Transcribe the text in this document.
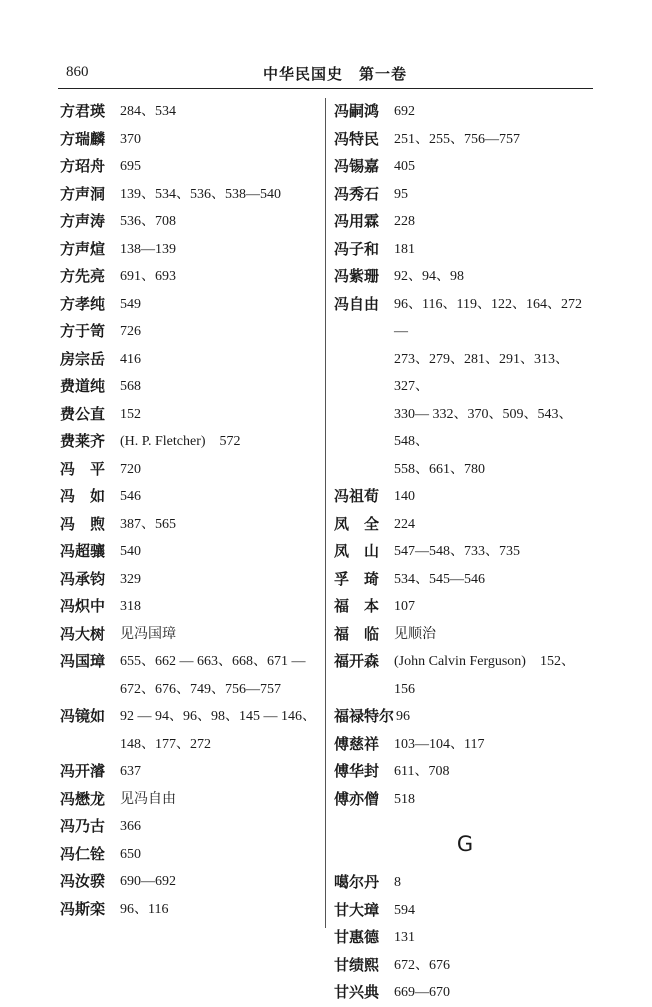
860	中华民国史　第一卷
方君瑛	284、534
方瑞麟	370
方玿舟	695
方声洞	139、534、536、538—540
方声涛	536、708
方声煊	138—139
方先亮	691、693
方孝纯	549
方于笥	726
房宗岳	416
费道纯	568
费公直	152
费莱齐	(H. P. Fletcher)　572
冯　平	720
冯　如	546
冯　煦	387、565
冯超骧	540
冯承钧	329
冯炽中	318
冯大树	见冯国璋
冯国璋	655、662 — 663、668、671 —
672、676、749、756—757
冯镜如	92 — 94、96、98、145 — 146、
148、177、272
冯开濬	637
冯懋龙	见冯自由
冯乃古	366
冯仁铨	650
冯汝骙	690—692
冯斯栾	96、116
冯嗣鸿	692
冯特民	251、255、756—757
冯锡嘉	405
冯秀石	95
冯用霖	228
冯子和	181
冯紫珊	92、94、98
冯自由	96、116、119、122、164、272 —
273、279、281、291、313、327、
330— 332、370、509、543、548、
558、661、780
冯祖荀	140
凤　全	224
凤　山	547—548、733、735
孚　琦	534、545—546
福　本	107
福　临	见顺治
福开森	(John Calvin Ferguson)　152、
156
福禄特尔 96
傅慈祥	103—104、117
傅华封	611、708
傅亦僧	518
G
噶尔丹	8
甘大璋	594
甘惠德	131
甘绩熙	672、676
甘兴典	669—670
